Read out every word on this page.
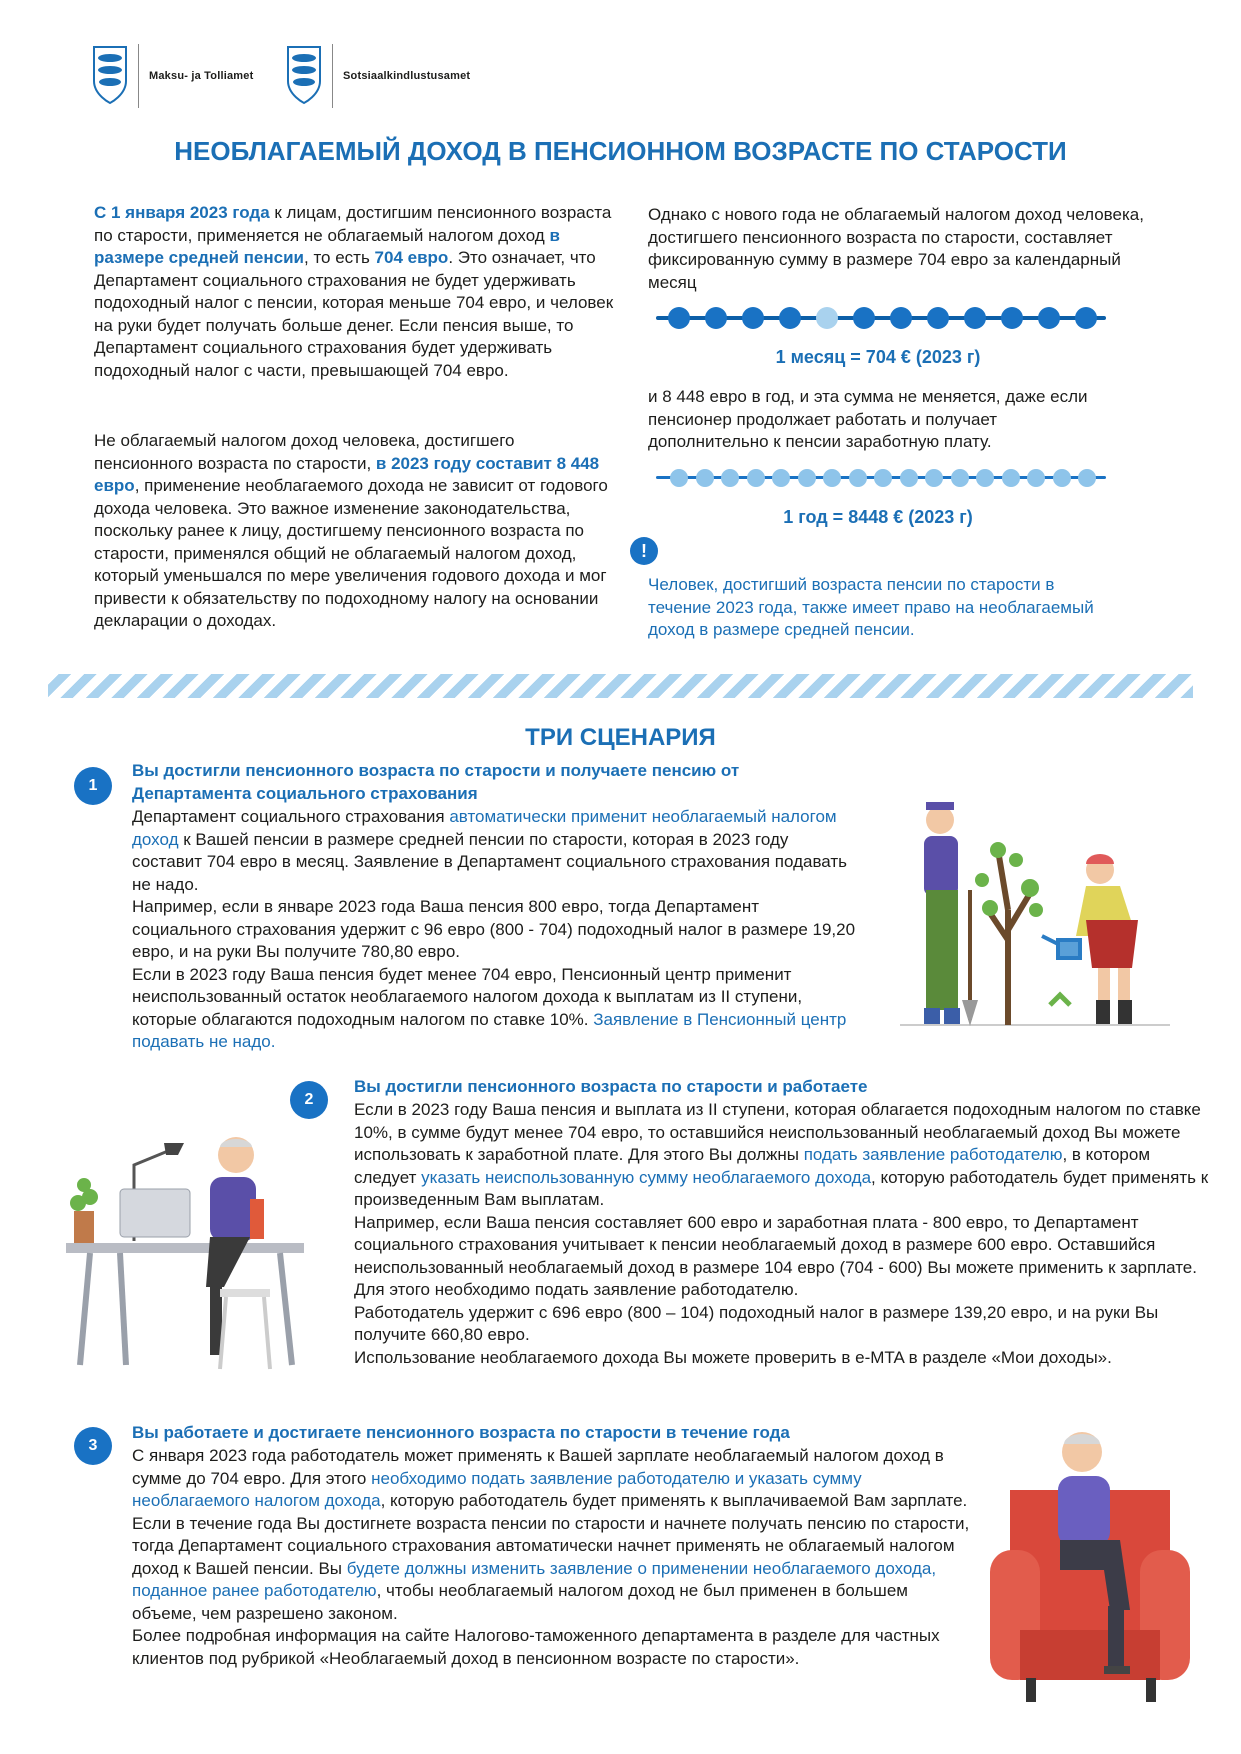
Maksu- ja Tolliamet	Sotsiaalkindlustusamet
НЕОБЛАГАЕМЫЙ ДОХОД В ПЕНСИОННОМ ВОЗРАСТЕ ПО СТАРОСТИ
С 1 января 2023 года к лицам, достигшим пенсионного возраста по старости, применяется не облагаемый налогом доход в размере средней пенсии, то есть 704 евро. Это означает, что Департамент социального страхования не будет удерживать подоходный налог с пенсии, которая меньше 704 евро, и человек на руки будет получать больше денег. Если пенсия выше, то Департамент социального страхования будет удерживать подоходный налог с части, превышающей 704 евро.
Не облагаемый налогом доход человека, достигшего пенсионного возраста по старости, в 2023 году составит 8 448 евро, применение необлагаемого дохода не зависит от годового дохода человека. Это важное изменение законодательства, поскольку ранее к лицу, достигшему пенсионного возраста по старости, применялся общий не облагаемый налогом доход, который уменьшался по мере увеличения годового дохода и мог привести к обязательству по подоходному налогу на основании декларации о доходах.
Однако с нового года не облагаемый налогом доход человека, достигшего пенсионного возраста по старости, составляет фиксированную сумму в размере 704 евро за календарный месяц
1 месяц = 704 € (2023 г)
и 8 448 евро в год, и эта сумма не меняется, даже если пенсионер продолжает работать и получает дополнительно к пенсии заработную плату.
1 год = 8448 € (2023 г)
!
Человек, достигший возраста пенсии по старости в течение 2023 года, также имеет право на необлагаемый доход в размере средней пенсии.
ТРИ СЦЕНАРИЯ
1
Вы достигли пенсионного возраста по старости и получаете пенсию от Департамента социального страхования
Департамент социального страхования автоматически применит необлагаемый налогом доход к Вашей пенсии в размере средней пенсии по старости, которая в 2023 году составит 704 евро в месяц. Заявление в Департамент социального страхования подавать не надо.
Например, если в январе 2023 года Ваша пенсия 800 евро, тогда Департамент социального страхования удержит с 96 евро (800 - 704) подоходный налог в размере 19,20 евро, и на руки Вы получите 780,80 евро.
Если в 2023 году Ваша пенсия будет менее 704 евро, Пенсионный центр применит неиспользованный остаток необлагаемого налогом дохода к выплатам из II ступени, которые облагаются подоходным налогом по ставке 10%. Заявление в Пенсионный центр подавать не надо.
2
Вы достигли пенсионного возраста по старости и работаете
Если в 2023 году Ваша пенсия и выплата из II ступени, которая облагается подоходным налогом по ставке 10%, в сумме будут менее 704 евро, то оставшийся неиспользованный необлагаемый доход Вы можете использовать к заработной плате. Для этого Вы должны подать заявление работодателю, в котором следует указать неиспользованную сумму необлагаемого дохода, которую работодатель будет применять к произведенным Вам выплатам.
Например, если Ваша пенсия составляет 600 евро и заработная плата - 800 евро, то Департамент социального страхования учитывает к пенсии необлагаемый доход в размере 600 евро. Оставшийся неиспользованный необлагаемый доход в размере 104 евро (704 - 600) Вы можете применить к зарплате. Для этого необходимо подать заявление работодателю.
Работодатель удержит с 696 евро (800 – 104) подоходный налог в размере 139,20 евро, и на руки Вы получите 660,80 евро.
Использование необлагаемого дохода Вы можете проверить в e-MTA в разделе «Мои доходы».
3
Вы работаете и достигаете пенсионного возраста по старости в течение года
С января 2023 года работодатель может применять к Вашей зарплате необлагаемый налогом доход в сумме до 704 евро. Для этого необходимо подать заявление работодателю и указать сумму необлагаемого налогом дохода, которую работодатель будет применять к выплачиваемой Вам зарплате.
Если в течение года Вы достигнете возраста пенсии по старости и начнете получать пенсию по старости, тогда Департамент социального страхования автоматически начнет применять не облагаемый налогом доход к Вашей пенсии. Вы будете должны изменить заявление о применении необлагаемого дохода, поданное ранее работодателю, чтобы необлагаемый налогом доход не был применен в большем объеме, чем разрешено законом.
Более подробная информация на сайте Налогово-таможенного департамента в разделе для частных клиентов под рубрикой «Необлагаемый доход в пенсионном возрасте по старости».
